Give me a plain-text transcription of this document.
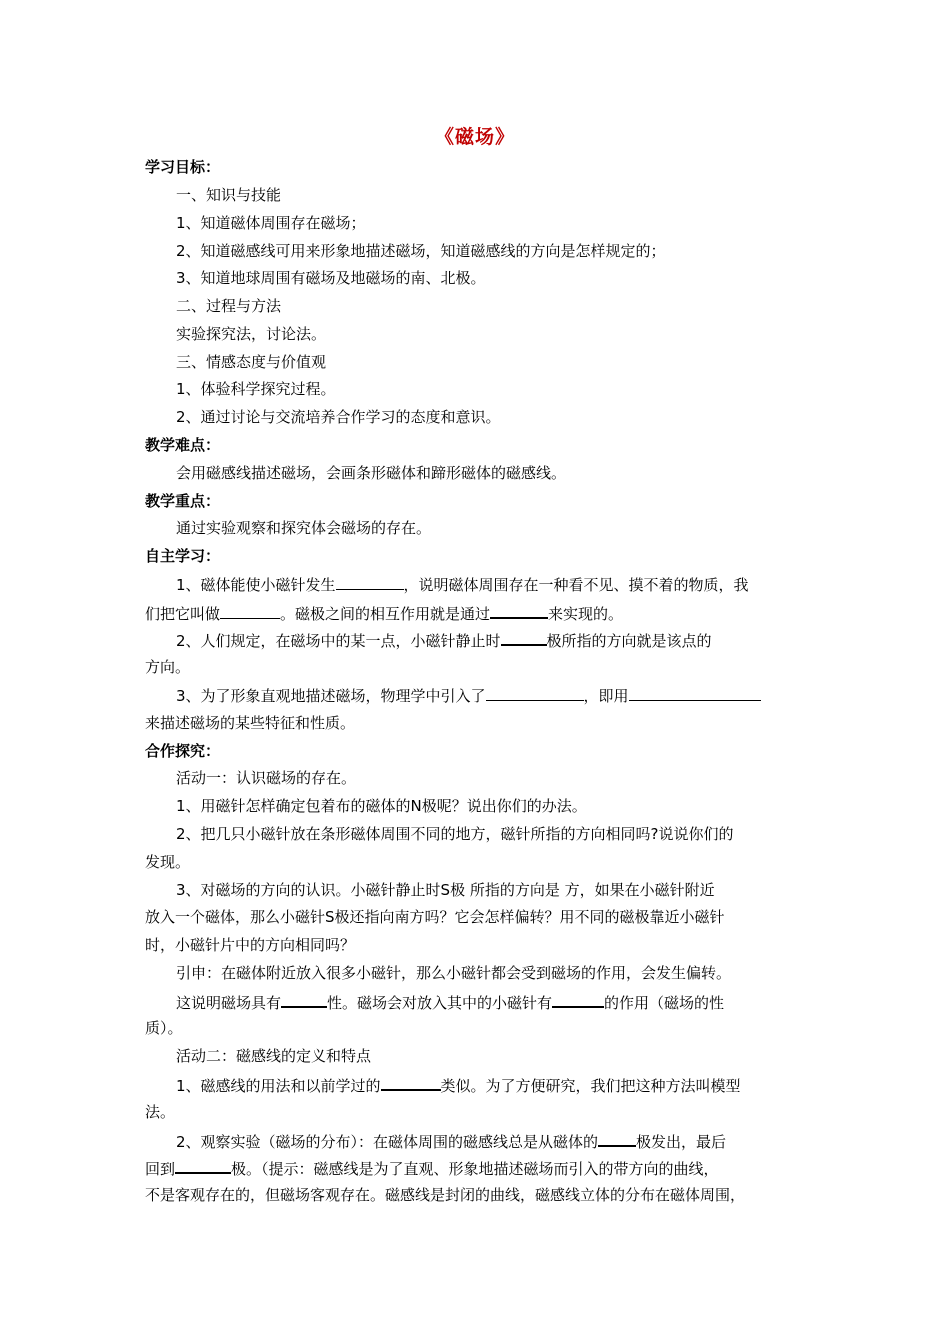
《磁场》
学习目标：
一、知识与技能
1、知道磁体周围存在磁场；
2、知道磁感线可用来形象地描述磁场，知道磁感线的方向是怎样规定的；
3、知道地球周围有磁场及地磁场的南、北极。
二、过程与方法
实验探究法，讨论法。
三、情感态度与价值观
1、体验科学探究过程。
2、通过讨论与交流培养合作学习的态度和意识。
教学难点：
会用磁感线描述磁场，会画条形磁体和蹄形磁体的磁感线。
教学重点：
通过实验观察和探究体会磁场的存在。
自主学习：
1、磁体能使小磁针发生	，说明磁体周围存在一种看不见、摸不着的物质，我
们把它叫做	。磁极之间的相互作用就是通过	来实现的。
2、人们规定，在磁场中的某一点，小磁针静止时	极所指的方向就是该点的
方向。
3、为了形象直观地描述磁场，物理学中引入了	，即用
来描述磁场的某些特征和性质。
合作探究：
活动一：认识磁场的存在。
1、用磁针怎样确定包着布的磁体的N极呢？说出你们的办法。
2、把几只小磁针放在条形磁体周围不同的地方，磁针所指的方向相同吗?说说你们的
发现。
3、对磁场的方向的认识。小磁针静止时S极 所指的方向是 方，如果在小磁针附近
放入一个磁体，那么小磁针S极还指向南方吗？它会怎样偏转？用不同的磁极靠近小磁针
时，小磁针片中的方向相同吗？
引申：在磁体附近放入很多小磁针，那么小磁针都会受到磁场的作用，会发生偏转。
这说明磁场具有	性。磁场会对放入其中的小磁针有	的作用（磁场的性
质）。
活动二：磁感线的定义和特点
1、磁感线的用法和以前学过的	类似。为了方便研究，我们把这种方法叫模型
法。
2、观察实验（磁场的分布）：在磁体周围的磁感线总是从磁体的	极发出，最后
回到	极。（提示：磁感线是为了直观、形象地描述磁场而引入的带方向的曲线，
不是客观存在的，但磁场客观存在。磁感线是封闭的曲线，磁感线立体的分布在磁体周围，
